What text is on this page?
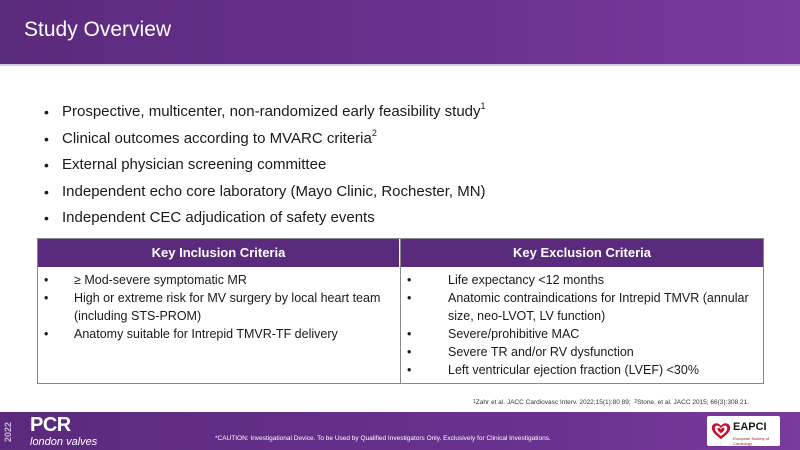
Study Overview
• Prospective, multicenter, non-randomized early feasibility study$^1$
• Clinical outcomes according to MVARC criteria$^2$
• External physician screening committee
• Independent echo core laboratory (Mayo Clinic, Rochester, MN)
• Independent CEC adjudication of safety events
Key Inclusion Criteria
• ≥ Mod-severe symptomatic MR
• High or extreme risk for MV surgery by local heart team (including STS-PROM)
• Anatomy suitable for Intrepid TMVR-TF delivery
Key Exclusion Criteria
• Life expectancy <12 months
• Anatomic contraindications for Intrepid TMVR (annular size, neo-LVOT, LV function)
• Severe/prohibitive MAC
• Severe TR and/or RV dysfunction
• Left ventricular ejection fraction (LVEF) <30%
$^1$Zahr et al. JACC Cardiovasc Interv. 2022;15(1):80 89; $^2$Stone, et al. JACC 2015; 66(3):308 21.
2022 PCR
london valves	*CAUTION: Investigational Device. To be Used by Qualified Investigators Only. Exclusively for Clinical Investigations.
EAPCI
European Society of Cardiology
